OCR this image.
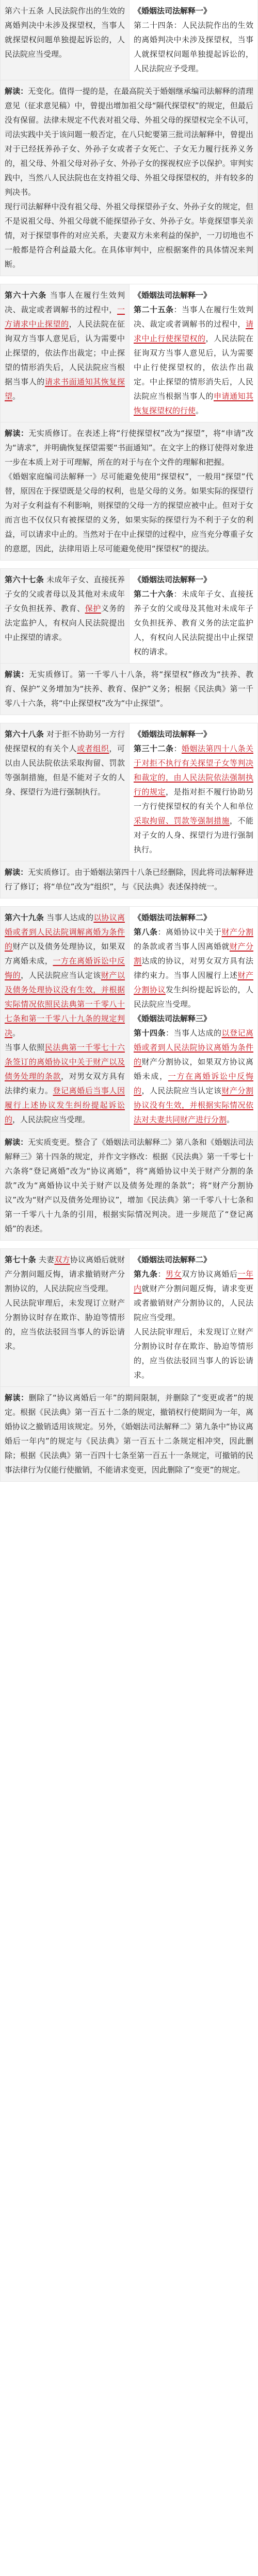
第六十五条 人民法院作出的生效的离婚判决中未涉及探望权，当事人就探望权问题单独提起诉讼的，人民法院应当受理。
《婚姻法司法解释一》
第二十四条：人民法院作出的生效的离婚判决中未涉及探望权，当事人就探望权问题单独提起诉讼的，人民法院应予受理。
解读：无变化。值得一提的是，在最高院关于婚姻继承编司法解释的清理意见（征求意见稿）中，曾提出增加祖父母“隔代探望权”的规定，但最后没有保留。法律未规定不代表对祖父母、外祖父母的探望权完全不认可，司法实践中关于该问题一般否定，在八只蛇要第三批司法解释中，曾提出对于已经抚养孙子女、外孙子女或者子女死亡、子女无力履行抚养义务的，祖父母、外祖父母对孙子女、外孙子女的探视权应予以保护。审判实践中，当然八人民法院也在支持祖父母、外祖父母探望权的，并有较多的判决书。
现行司法解释中没有祖父母、外祖父母探望孙子女、外孙子女的规定，但不是说祖父母、外祖父母就不能探望孙子女、外孙子女。毕竟探望事关亲情，对于探望事件的对应关系，夫妻双方未来利益的保护，一刀切地也不一般都是符合利益最大化。在具体审判中，应根据案件的具体情况来判断。
第六十六条 当事人在履行生效判决、裁定或者调解书的过程中，一方请求中止探望的，人民法院在征询双方当事人意见后，认为需要中止探望的，依法作出裁定；中止探望的情形消失后，人民法院应当根据当事人的请求书面通知其恢复探望。
《婚姻法司法解释一》
第二十五条：当事人在履行生效判决、裁定或者调解书的过程中，请求中止行使探望权的，人民法院在征询双方当事人意见后，认为需要中止行使探望权的，依法作出裁定。中止探望的情形消失后，人民法院应当根据当事人的申请通知其恢复探望权的行使。
解读：无实质修订。在表述上将“行使探望权”改为“探望”，将“申请”改为“请求”，并明确恢复探望需要“书面通知”。在文字上的修订使得对象进一步在本质上对于可理解，所在的对于与在个文件的理解和把握。
《婚姻家庭编司法解释一》尽可能避免使用“探望权”，一般用“探望”代替，原因在于探望既是父母的权利，也是父母的义务。如果实际的探望行为对子女利益有不利影响，则探望的父母一方的探望应被中止。但对于女而言也不仅仅只有被探望的义务，如果实际的探望行为不利于子女的利益，可以请求中止的。当然对于在中止探望的过程中，应当充分尊重子女的意愿，因此，法律用语上尽可能避免使用“探望权”的提法。
第六十七条 未成年子女、直接抚养子女的父或者母以及其他对未成年子女负担抚养、教育、保护义务的法定监护人，有权向人民法院提出中止探望的请求。
《婚姻法司法解释一》
第二十六条：未成年子女、直接抚养子女的父或母及其他对未成年子女负担抚养、教育义务的法定监护人，有权向人民法院提出中止探望权的请求。
解读：无实质修订。第一千零八十八条，将“探望权”修改为“扶养、教育、保护”义务增加为“扶养、教育、保护”义务；根据《民法典》第一千零八十六条，将“中止探望权”改为“中止探望”。
第六十八条 对于拒不协助另一方行使探望权的有关个人或者组织，可以由人民法院依法采取拘留、罚款等强制措施，但是不能对子女的人身、探望行为进行强制执行。
《婚姻法司法解释一》
第三十二条：婚姻法第四十八条关于对拒不执行有关探望子女等判决和裁定的，由人民法院依法强制执行的规定，是指对拒不履行协助另一方行使探望权的有关个人和单位采取拘留、罚款等强制措施，不能对子女的人身、探望行为进行强制执行。
解读：无实质修订。由于婚姻法第四十八条已经删除，因此将司法解释进行了修订；将“单位”改为“组织”，与《民法典》表述保持统一。
第六十九条 当事人达成的以协议离婚或者到人民法院调解离婚为条件的财产以及债务处理协议，如果双方离婚未成，一方在离婚诉讼中反悔的，人民法院应当认定该财产以及债务处理协议没有生效，并根据实际情况依照民法典第一千零八十七条和第一千零八十九条的规定判决。
当事人依照民法典第一千零七十六条签订的离婚协议中关于财产以及债务处理的条款，对男女双方具有法律约束力。登记离婚后当事人因履行上述协议发生纠纷提起诉讼的，人民法院应当受理。
《婚姻法司法解释二》
第八条：离婚协议中关于财产分割的条款或者当事人因离婚就财产分割达成的协议，对男女双方具有法律约束力。当事人因履行上述财产分割协议发生纠纷提起诉讼的，人民法院应当受理。
《婚姻法司法解释三》
第十四条：当事人达成的以登记离婚或者到人民法院协议离婚为条件的财产分割协议，如果双方协议离婚未成，一方在离婚诉讼中反悔的，人民法院应当认定该财产分割协议没有生效，并根据实际情况依法对夫妻共同财产进行分割。
解读：无实质变更。整合了《婚姻法司法解释二》第八条和《婚姻法司法解释三》第十四条的规定，并作文字修改：根据《民法典》第一千零七十六条将“登记离婚”改为“协议离婚”，将“离婚协议中关于财产分割的条款”改为“离婚协议中关于财产以及债务处理的条款”；将“财产分割协议”改为“财产以及债务处理协议”，增加《民法典》第一千零八十七条和第一千零八十九条的引用，根据实际情况判决。进一步规范了“登记离婚”的表述。
第七十条 夫妻双方协议离婚后就财产分割问题反悔，请求撤销财产分割协议的，人民法院应当受理。
人民法院审理后，未发现订立财产分割协议时存在欺诈、胁迫等情形的，应当依法驳回当事人的诉讼请求。
《婚姻法司法解释二》
第九条：男女双方协议离婚后一年内就财产分割问题反悔，请求变更或者撤销财产分割协议的，人民法院应当受理。
人民法院审理后，未发现订立财产分割协议时存在欺诈、胁迫等情形的，应当依法驳回当事人的诉讼请求。
解读：删除了“协议离婚后一年”的期间限制，并删除了“变更或者”的规定。根据《民法典》第一百五十二条的规定，撤销权行使期间为一年，离婚协议之撤销适用该规定。另外，《婚姻法司法解释二》第九条中“协议离婚后一年内”的规定与《民法典》第一百五十二条规定相冲突，因此删除；根据《民法典》第一百四十七条至第一百五十一条规定，可撤销的民事法律行为仅能行使撤销，不能请求变更，因此删除了“变更”的规定。
